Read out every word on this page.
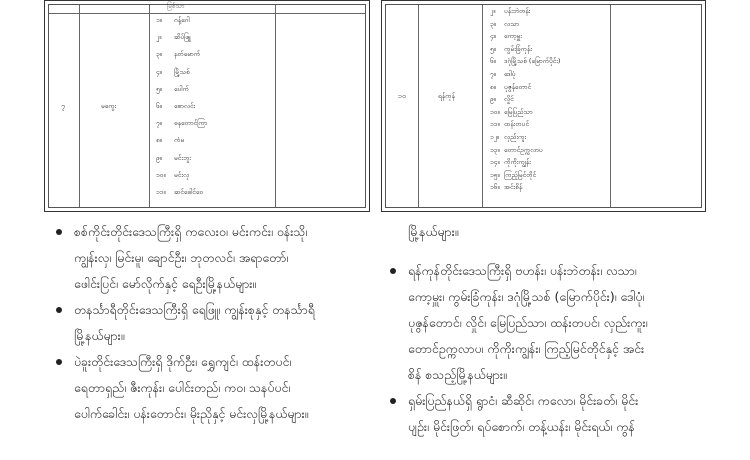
မြစ်သာ
၇	မကွေး
၁။ ဂန့်ဂေါ
၂။ ဆိပ်ဖြူ
၃။ နတ်မောက်
၄။ မြို့သစ်
၅။ ပေါက်
၆။ စောလင်း
၇။ ဓနတောင်ကြာ
၈။ ကံမ
၉။ မင်းဘူး
၁၀။ မင်းလှ
၁၁။ ဆင်ဖေါင်ဝေ
၁၀	ရန်ကုန်
၂။ ပန်းဘဲတန်း
၃။ လသာ
၄။ ကော့မှူး
၅။ ကွမ်းခြံကုန်း
၆။ ဒဂုံမြို့သစ် (မြောက်ပိုင်း)
၇။ ဒေါပုံ
၈။ ပုဇွန်တောင်
၉။ လှိုင်
၁၀။ မြေပြည်သာ
၁၁။ ထန်းတပင်
၁၂။ လှည်းကူး
၁၃။ တောင်ဥက္ကလာပ
၁၄။ ကိုကိုးကျွန်း
၁၅။ ကြည့်မြင်တိုင်
၁၆။ အင်းစိန်
စစ်ကိုင်းတိုင်းဒေသကြီးရှိ ကလေးဝ၊ မင်းကင်း၊ ဝန်းသို၊
ကျွန်းလှ၊ မြင်းမူ၊ ချောင်ဦး၊ ဘုတလင်၊ အရာတော်၊
ဖေါင်းပြင်၊ မော်လိုက်နှင့် ရေဦးမြို့နယ်များ။
တနင်္သာရီတိုင်းဒေသကြီးရှိ ရေဖြူ၊ ကျွန်းစုနှင့် တနင်္သာရီ
မြို့နယ်များ။
ပဲခူးတိုင်းဒေသကြီးရှိ ဒိုက်ဦး၊ ရွှေကျင်၊ ထန်းတပင်၊
ရေတာရှည်၊ ဇီးကုန်း၊ ပေါင်းတည်၊ ကဝ၊ သနပ်ပင်၊
ပေါက်ခေါင်း၊ ပန်းတောင်း၊ မိုးညိုနှင့် မင်းလှမြို့နယ်များ။
မြို့နယ်များ။
ရန်ကုန်တိုင်းဒေသကြီးရှိ ဗဟန်း၊ ပန်းဘဲတန်း၊ လသာ၊
ကော့မှူး၊ ကွမ်းခြံကုန်း၊ ဒဂုံမြို့သစ် (မြောက်ပိုင်း)၊ ဒေါပုံ၊
ပုဇွန်တောင်၊ လှိုင်၊ မြေပြည်သာ၊ ထန်းတပင်၊ လှည်းကူး၊
တောင်ဥက္ကလာပ၊ ကိုကိုးကျွန်း၊ ကြည့်မြင်တိုင်နှင့် အင်း
စိန် စသည့်မြို့နယ်များ။
ရှမ်းပြည်နယ်ရှိ ရွာငံ၊ ဆီဆိုင်၊ ကလော၊ မိုင်းခတ်၊ မိုင်း
ပျဉ်း၊ မိုင်းဖြတ်၊ ရပ်စောက်၊ တန့်ယန်း၊ မိုင်းရယ်၊ ကွန်
